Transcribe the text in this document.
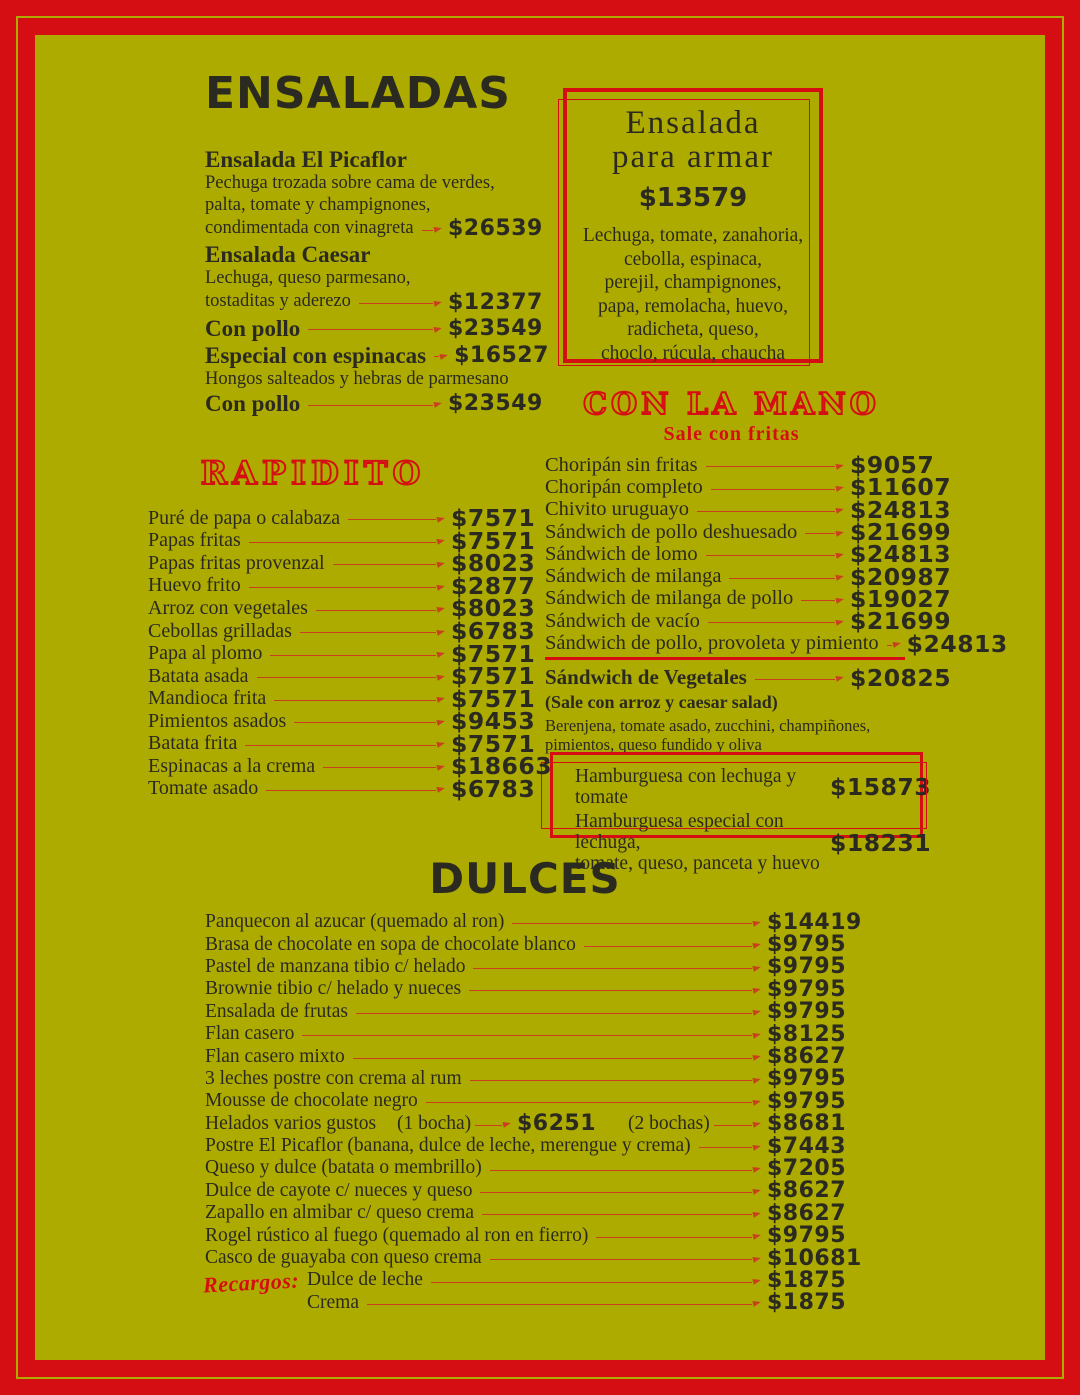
ENSALADAS
Ensalada El Picaflor
Pechuga trozada sobre cama de verdes,
palta, tomate y champignones,
condimentada con vinagreta $26539
Ensalada Caesar
Lechuga, queso parmesano,
tostaditas y aderezo	$12377
Con pollo	$23549
Especial con espinacas $16527
Hongos salteados y hebras de parmesano
Con pollo	$23549
Ensalada
para armar
$13579
Lechuga, tomate, zanahoria,
cebolla, espinaca,
perejil, champignones,
papa, remolacha, huevo,
radicheta, queso,
choclo, rúcula, chaucha
CON LA MANO
Sale con fritas
Choripán sin fritas	$9057
Choripán completo	$11607
Chivito uruguayo	$24813
Sándwich de pollo deshuesado $21699
Sándwich de lomo	$24813
Sándwich de milanga	$20987
Sándwich de milanga de pollo $19027
Sándwich de vacío	$21699
Sándwich de pollo, provoleta y pimiento $24813
Sándwich de Vegetales	$20825
(Sale con arroz y caesar salad)
Berenjena, tomate asado, zucchini, champiñones,
pimientos, queso fundido y oliva
Hamburguesa con lechuga y tomate	$15873
Hamburguesa especial con lechuga,
tomate, queso, panceta y huevo
$18231
RAPIDITO
Puré de papa o calabaza	$7571
Papas fritas	$7571
Papas fritas provenzal	$8023
Huevo frito	$2877
Arroz con vegetales	$8023
Cebollas grilladas	$6783
Papa al plomo	$7571
Batata asada	$7571
Mandioca frita	$7571
Pimientos asados	$9453
Batata frita	$7571
Espinacas a la crema	$18663
Tomate asado	$6783
DULCES
Panquecon al azucar (quemado al ron)	$14419
Brasa de chocolate en sopa de chocolate blanco	$9795
Pastel de manzana tibio c/ helado	$9795
Brownie tibio c/ helado y nueces	$9795
Ensalada de frutas	$9795
Flan casero	$8125
Flan casero mixto	$8627
3 leches postre con crema al rum	$9795
Mousse de chocolate negro	$9795
Helados varios gustos	(1 bocha) $6251 (2 bochas)	$8681
Postre El Picaflor (banana, dulce de leche, merengue y crema)	$7443
Queso y dulce (batata o membrillo)	$7205
Dulce de cayote c/ nueces y queso	$8627
Zapallo en almibar c/ queso crema	$8627
Rogel rústico al fuego (quemado al ron en fierro)	$9795
Casco de guayaba con queso crema	$10681
Recargos: Dulce de leche	$1875
Crema	$1875
